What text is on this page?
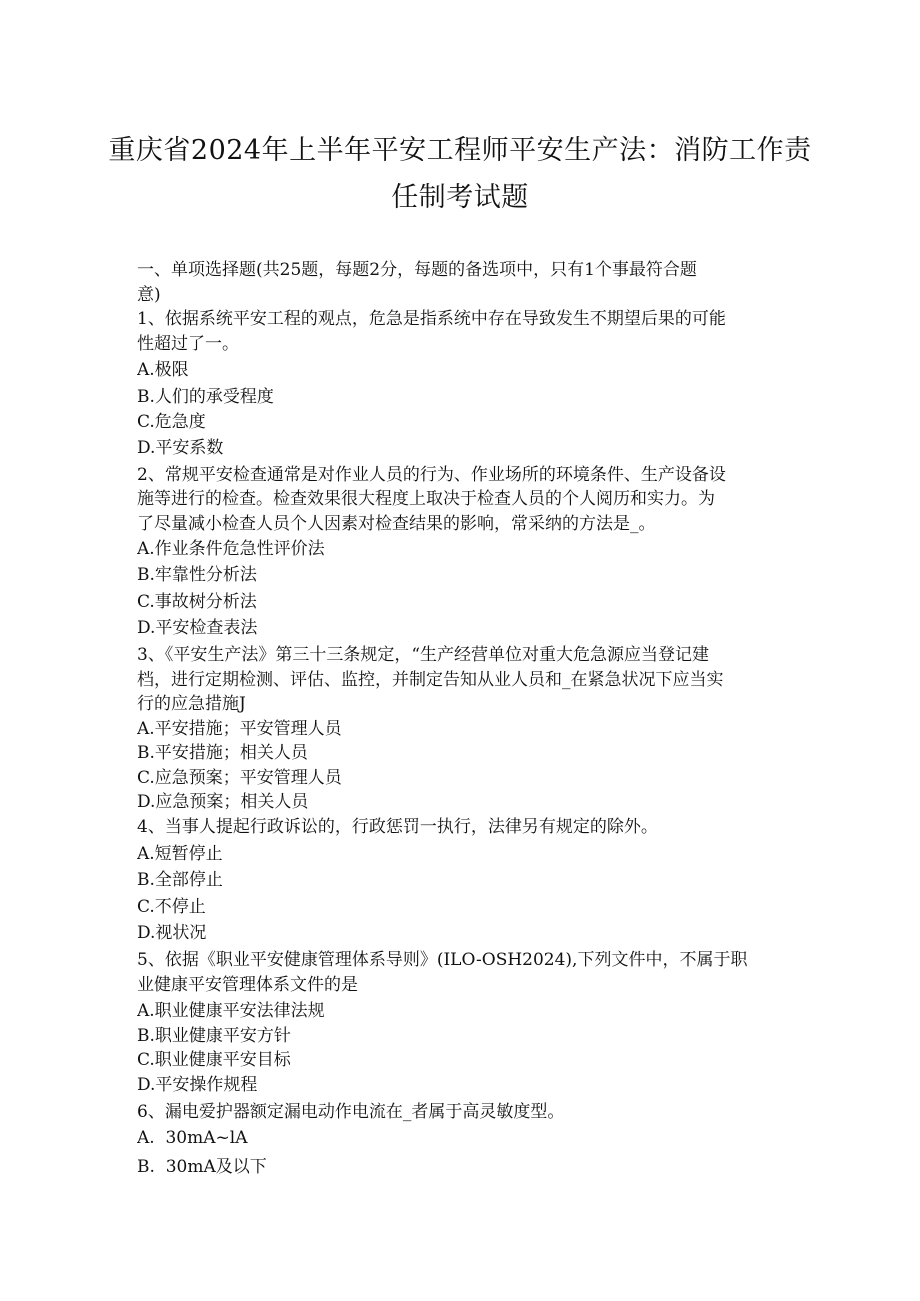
重庆省2024年上半年平安工程师平安生产法：消防工作责
任制考试题
一、单项选择题(共25题，每题2分，每题的备选项中，只有1个事最符合题
意)
1、依据系统平安工程的观点，危急是指系统中存在导致发生不期望后果的可能
性超过了一。
A.极限
B.人们的承受程度
C.危急度
D.平安系数
2、常规平安检查通常是对作业人员的行为、作业场所的环境条件、生产设备设
施等进行的检查。检查效果很大程度上取决于检查人员的个人阅历和实力。为
了尽量减小检查人员个人因素对检查结果的影响，常采纳的方法是_。
A.作业条件危急性评价法
B.牢靠性分析法
C.事故树分析法
D.平安检查表法
3、《平安生产法》第三十三条规定，“生产经营单位对重大危急源应当登记建
档，进行定期检测、评估、监控，并制定告知从业人员和_在紧急状况下应当实
行的应急措施J
A.平安措施；平安管理人员
B.平安措施；相关人员
C.应急预案；平安管理人员
D.应急预案；相关人员
4、当事人提起行政诉讼的，行政惩罚一执行，法律另有规定的除外。
A.短暂停止
B.全部停止
C.不停止
D.视状况
5、依据《职业平安健康管理体系导则》(ILO-OSH2024),下列文件中，不属于职
业健康平安管理体系文件的是
A.职业健康平安法律法规
B.职业健康平安方针
C.职业健康平安目标
D.平安操作规程
6、漏电爱护器额定漏电动作电流在_者属于高灵敏度型。
A.  30mA~lA
B.  30mA及以下
